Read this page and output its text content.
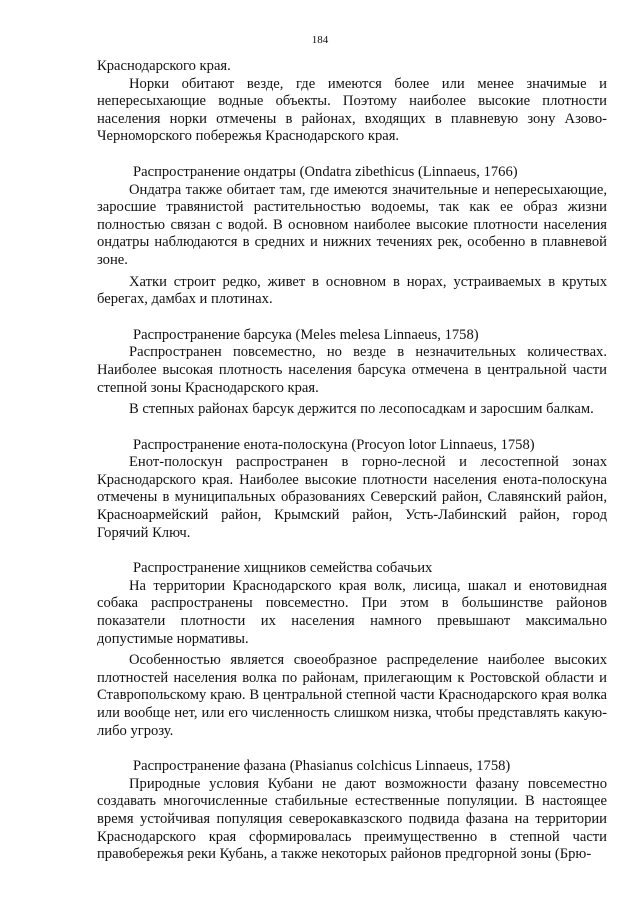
184

Краснодарского края.

Норки обитают везде, где имеются более или менее значимые и непересыхающие водные объекты. Поэтому наиболее высокие плотности населения норки отмечены в районах, входящих в плавневую зону Азово-Черноморского побережья Краснодарского края.

Распространение ондатры (Ondatra zibethicus (Linnaeus, 1766)

Ондатра также обитает там, где имеются значительные и непересыхающие, заросшие травянистой растительностью водоемы, так как ее образ жизни полностью связан с водой. В основном наиболее высокие плотности населения ондатры наблюдаются в средних и нижних течениях рек, особенно в плавневой зоне.

Хатки строит редко, живет в основном в норах, устраиваемых в крутых берегах, дамбах и плотинах.

Распространение барсука (Meles melesa Linnaeus, 1758)

Распространен повсеместно, но везде в незначительных количествах. Наиболее высокая плотность населения барсука отмечена в центральной части степной зоны Краснодарского края.

В степных районах барсук держится по лесопосадкам и заросшим балкам.

Распространение енота-полоскуна (Procyon lotor Linnaeus, 1758)

Енот-полоскун распространен в горно-лесной и лесостепной зонах Краснодарского края. Наиболее высокие плотности населения енота-полоскуна отмечены в муниципальных образованиях Северский район, Славянский район, Красноармейский район, Крымский район, Усть-Лабинский район, город Горячий Ключ.

Распространение хищников семейства собачьих

На территории Краснодарского края волк, лисица, шакал и енотовидная собака распространены повсеместно. При этом в большинстве районов показатели плотности их населения намного превышают максимально допустимые нормативы.

Особенностью является своеобразное распределение наиболее высоких плотностей населения волка по районам, прилегающим к Ростовской области и Ставропольскому краю. В центральной степной части Краснодарского края волка или вообще нет, или его численность слишком низка, чтобы представлять какую-либо угрозу.

Распространение фазана (Phasianus colchicus Linnaeus, 1758)

Природные условия Кубани не дают возможности фазану повсеместно создавать многочисленные стабильные естественные популяции. В настоящее время устойчивая популяция северокавказского подвида фазана на территории Краснодарского края сформировалась преимущественно в степной части правобережья реки Кубань, а также некоторых районов предгорной зоны (Брю-
